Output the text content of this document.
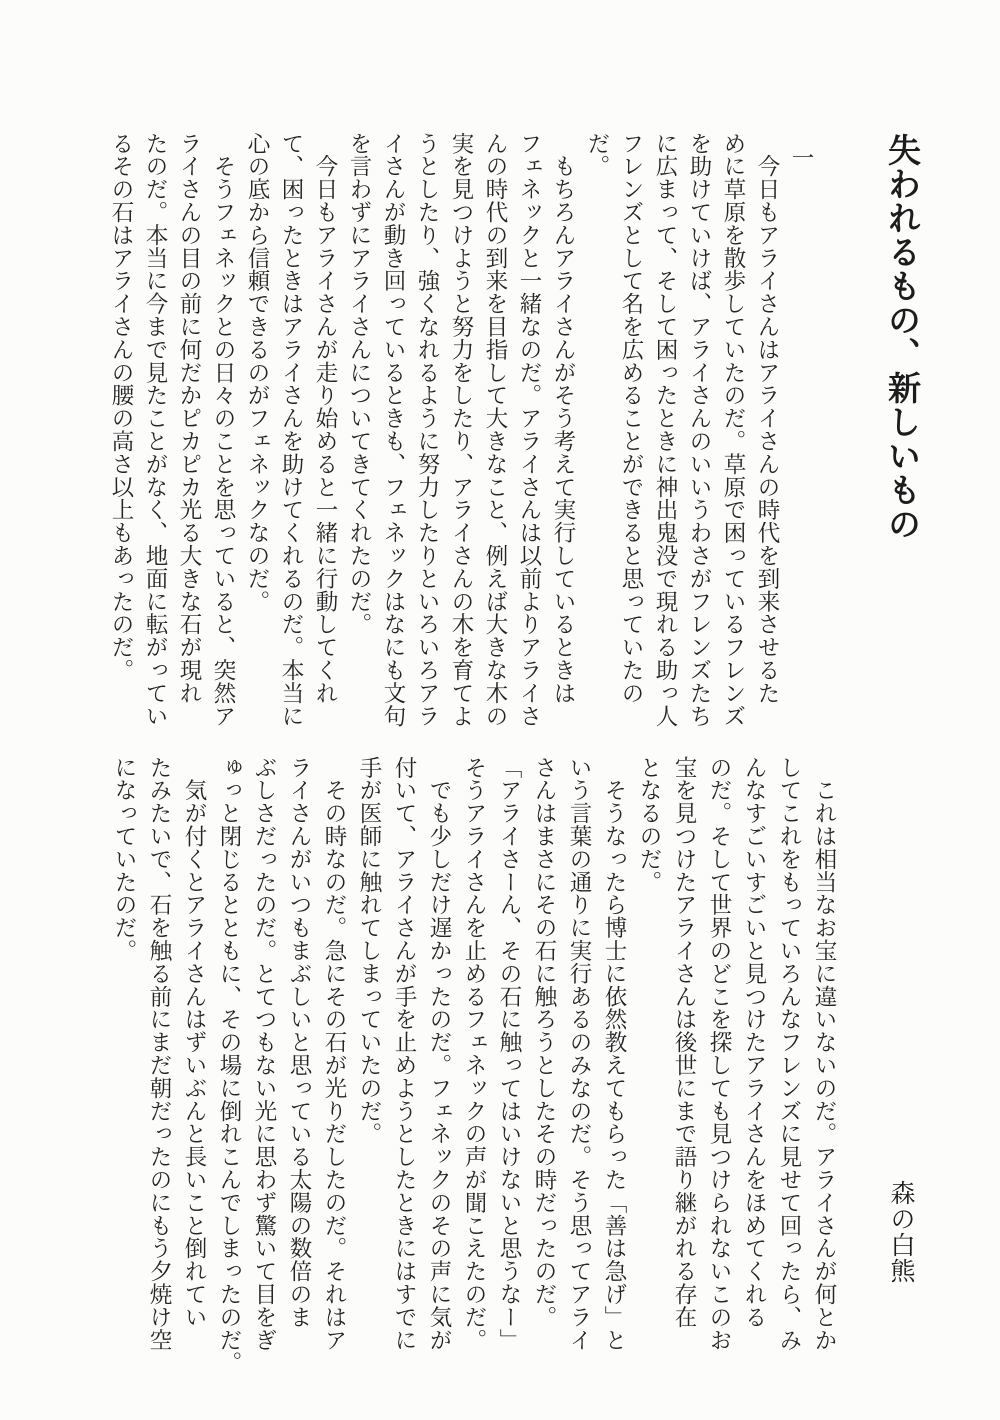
失われるもの、新しいもの
一
　今日もアライさんはアライさんの時代を到来させるた
めに草原を散歩していたのだ。草原で困っているフレンズ
を助けていけば、アライさんのいいうわさがフレンズたち
に広まって、そして困ったときに神出鬼没で現れる助っ人
フレンズとして名を広めることができると思っていたの
だ。
　もちろんアライさんがそう考えて実行しているときは
フェネックと一緒なのだ。アライさんは以前よりアライさ
んの時代の到来を目指して大きなこと、例えば大きな木の
実を見つけようと努力をしたり、アライさんの木を育てよ
うとしたり、強くなれるように努力したりといろいろアラ
イさんが動き回っているときも、フェネックはなにも文句
を言わずにアライさんについてきてくれたのだ。
　今日もアライさんが走り始めると一緒に行動してくれ
て、困ったときはアライさんを助けてくれるのだ。本当に
心の底から信頼できるのがフェネックなのだ。
　そうフェネックとの日々のことを思っていると、突然ア
ライさんの目の前に何だかピカピカ光る大きな石が現れ
たのだ。本当に今まで見たことがなく、地面に転がってい
るその石はアライさんの腰の高さ以上もあったのだ。
　これは相当なお宝に違いないのだ。アライさんが何とか
してこれをもっていろんなフレンズに見せて回ったら、み
んなすごいすごいと見つけたアライさんをほめてくれる
のだ。そして世界のどこを探しても見つけられないこのお
宝を見つけたアライさんは後世にまで語り継がれる存在
となるのだ。
　そうなったら博士に依然教えてもらった「善は急げ」と
いう言葉の通りに実行あるのみなのだ。そう思ってアライ
さんはまさにその石に触ろうとしたその時だったのだ。
「アライさーん、その石に触ってはいけないと思うなー」
そうアライさんを止めるフェネックの声が聞こえたのだ。
　でも少しだけ遅かったのだ。フェネックのその声に気が
付いて、アライさんが手を止めようとしたときにはすでに
手が医師に触れてしまっていたのだ。
　その時なのだ。急にその石が光りだしたのだ。それはア
ライさんがいつもまぶしいと思っている太陽の数倍のま
ぶしさだったのだ。とてつもない光に思わず驚いて目をぎ
ゅっと閉じるとともに、その場に倒れこんでしまったのだ。
　気が付くとアライさんはずいぶんと長いこと倒れてい
たみたいで、石を触る前にまだ朝だったのにもう夕焼け空
になっていたのだ。
森の白熊
